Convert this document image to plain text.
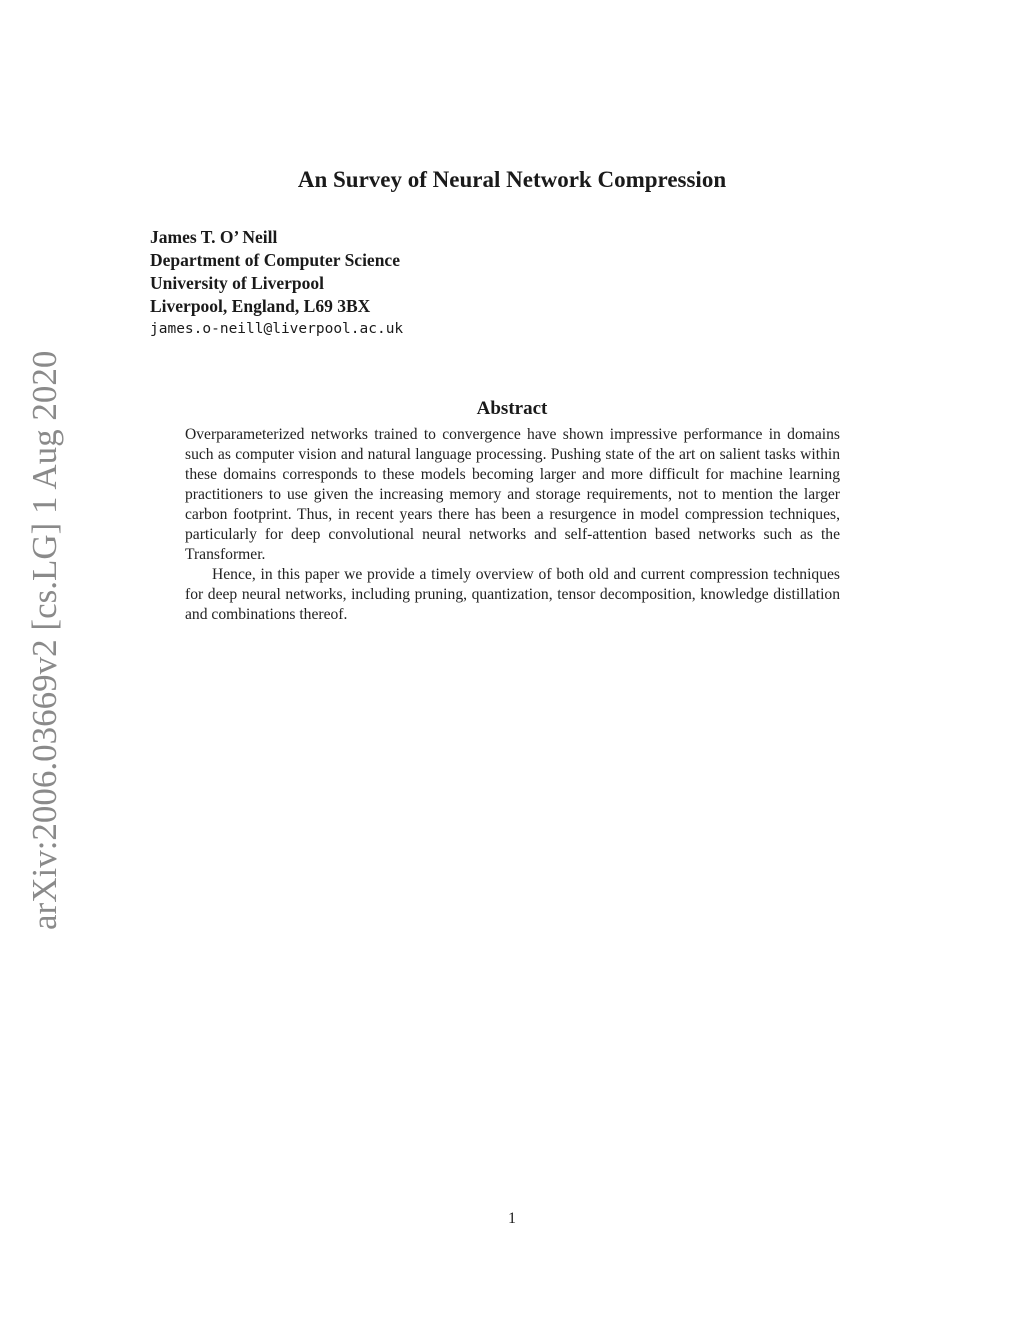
arXiv:2006.03669v2 [cs.LG] 1 Aug 2020
An Survey of Neural Network Compression
James T. O’ Neill
Department of Computer Science
University of Liverpool
Liverpool, England, L69 3BX
james.o-neill@liverpool.ac.uk
Abstract

Overparameterized networks trained to convergence have shown impressive performance in domains such as computer vision and natural language processing. Pushing state of the art on salient tasks within these domains corresponds to these models becoming larger and more difficult for machine learning practitioners to use given the increasing memory and storage requirements, not to mention the larger carbon footprint. Thus, in recent years there has been a resurgence in model compression techniques, particularly for deep convolutional neural networks and self-attention based networks such as the Transformer.

Hence, in this paper we provide a timely overview of both old and current compression techniques for deep neural networks, including pruning, quantization, tensor decomposition, knowledge distillation and combinations thereof.

1
